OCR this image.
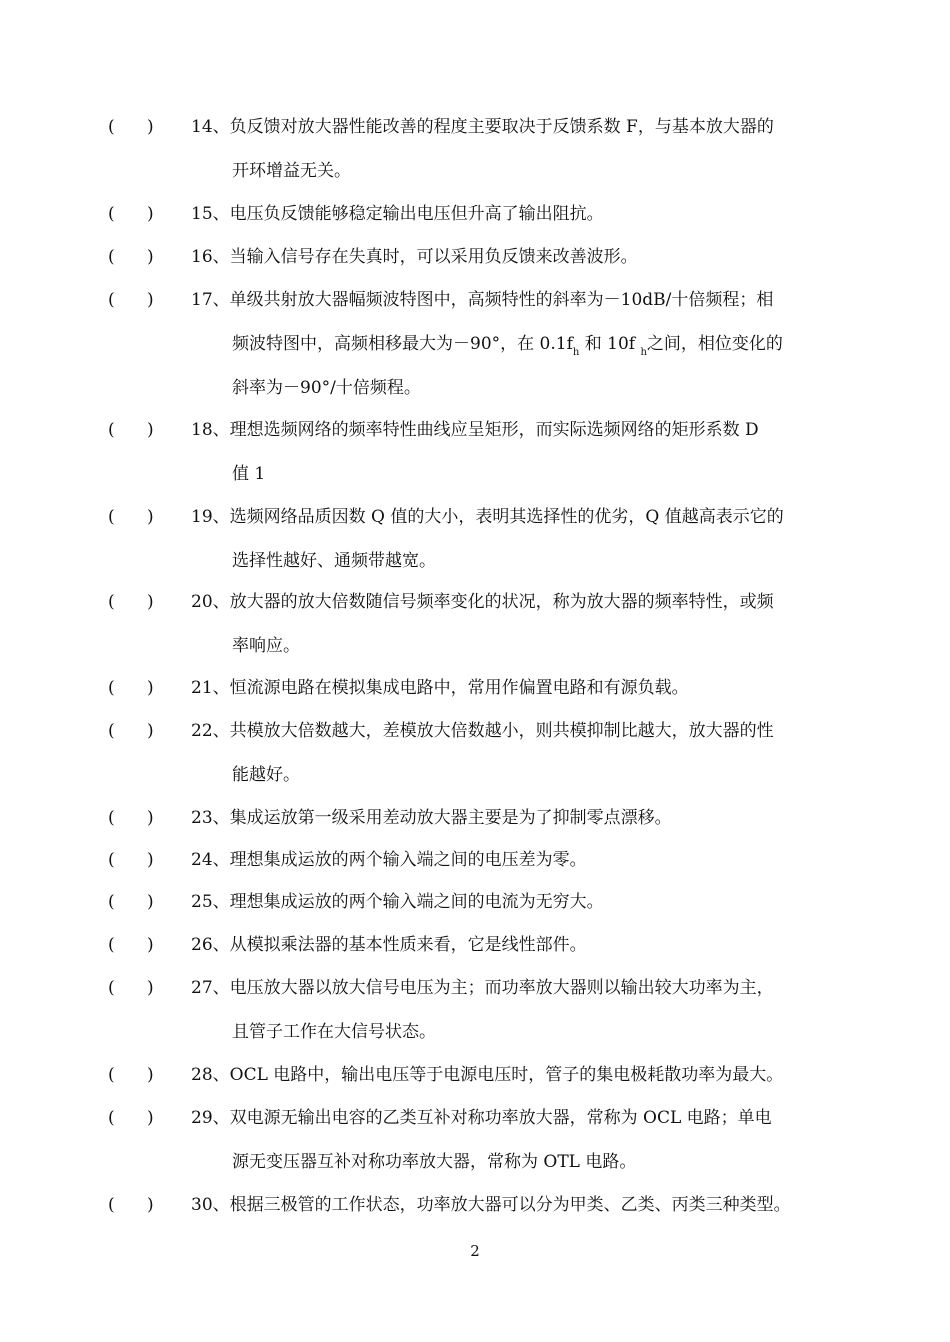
(      )	14、负反馈对放大器性能改善的程度主要取决于反馈系数 F，与基本放大器的
开环增益无关。
(      )	15、电压负反馈能够稳定输出电压但升高了输出阻抗。
(      )	16、当输入信号存在失真时，可以采用负反馈来改善波形。
(      )	17、单级共射放大器幅频波特图中，高频特性的斜率为－10dB/十倍频程；相
频波特图中，高频相移最大为－90°，在 $0.1f_h$ 和 10f $_h$之间，相位变化的
斜率为－90°/十倍频程。
(      )	18、理想选频网络的频率特性曲线应呈矩形，而实际选频网络的矩形系数 D
值 1
(      )	19、选频网络品质因数 Q 值的大小，表明其选择性的优劣，Q 值越高表示它的
选择性越好、通频带越宽。
(      )	20、放大器的放大倍数随信号频率变化的状况，称为放大器的频率特性，或频
率响应。
(      )	21、恒流源电路在模拟集成电路中，常用作偏置电路和有源负载。
(      )	22、共模放大倍数越大，差模放大倍数越小，则共模抑制比越大，放大器的性
能越好。
(      )	23、集成运放第一级采用差动放大器主要是为了抑制零点漂移。
(      )	24、理想集成运放的两个输入端之间的电压差为零。
(      )	25、理想集成运放的两个输入端之间的电流为无穷大。
(      )	26、从模拟乘法器的基本性质来看，它是线性部件。
(      )	27、电压放大器以放大信号电压为主；而功率放大器则以输出较大功率为主，
且管子工作在大信号状态。
(      )	28、OCL 电路中，输出电压等于电源电压时，管子的集电极耗散功率为最大。
(      )	29、双电源无输出电容的乙类互补对称功率放大器，常称为 OCL 电路；单电
源无变压器互补对称功率放大器，常称为 OTL 电路。
(      )	30、根据三极管的工作状态，功率放大器可以分为甲类、乙类、丙类三种类型。
2
